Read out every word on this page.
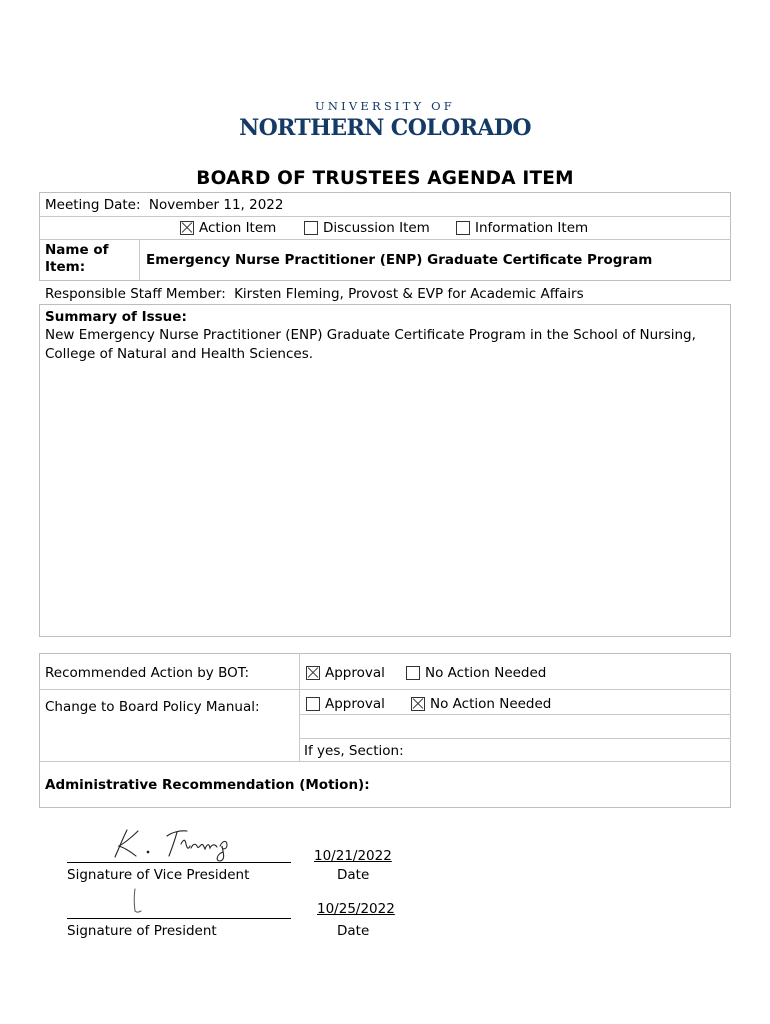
UNIVERSITY OF
NORTHERN COLORADO
BOARD OF TRUSTEES AGENDA ITEM
Meeting Date: November 11, 2022
Action Item	Discussion Item	Information Item
Name of Item:	Emergency Nurse Practitioner (ENP) Graduate Certificate Program
Responsible Staff Member: Kirsten Fleming, Provost & EVP for Academic Affairs
Summary of Issue:
New Emergency Nurse Practitioner (ENP) Graduate Certificate Program in the School of Nursing, College of Natural and Health Sciences.
Recommended Action by BOT:	Approval	No Action Needed
Change to Board Policy Manual:	Approval	No Action Needed
If yes, Section:
Administrative Recommendation (Motion):
Signature of Vice President
10/21/2022
Date
Signature of President
10/25/2022
Date
